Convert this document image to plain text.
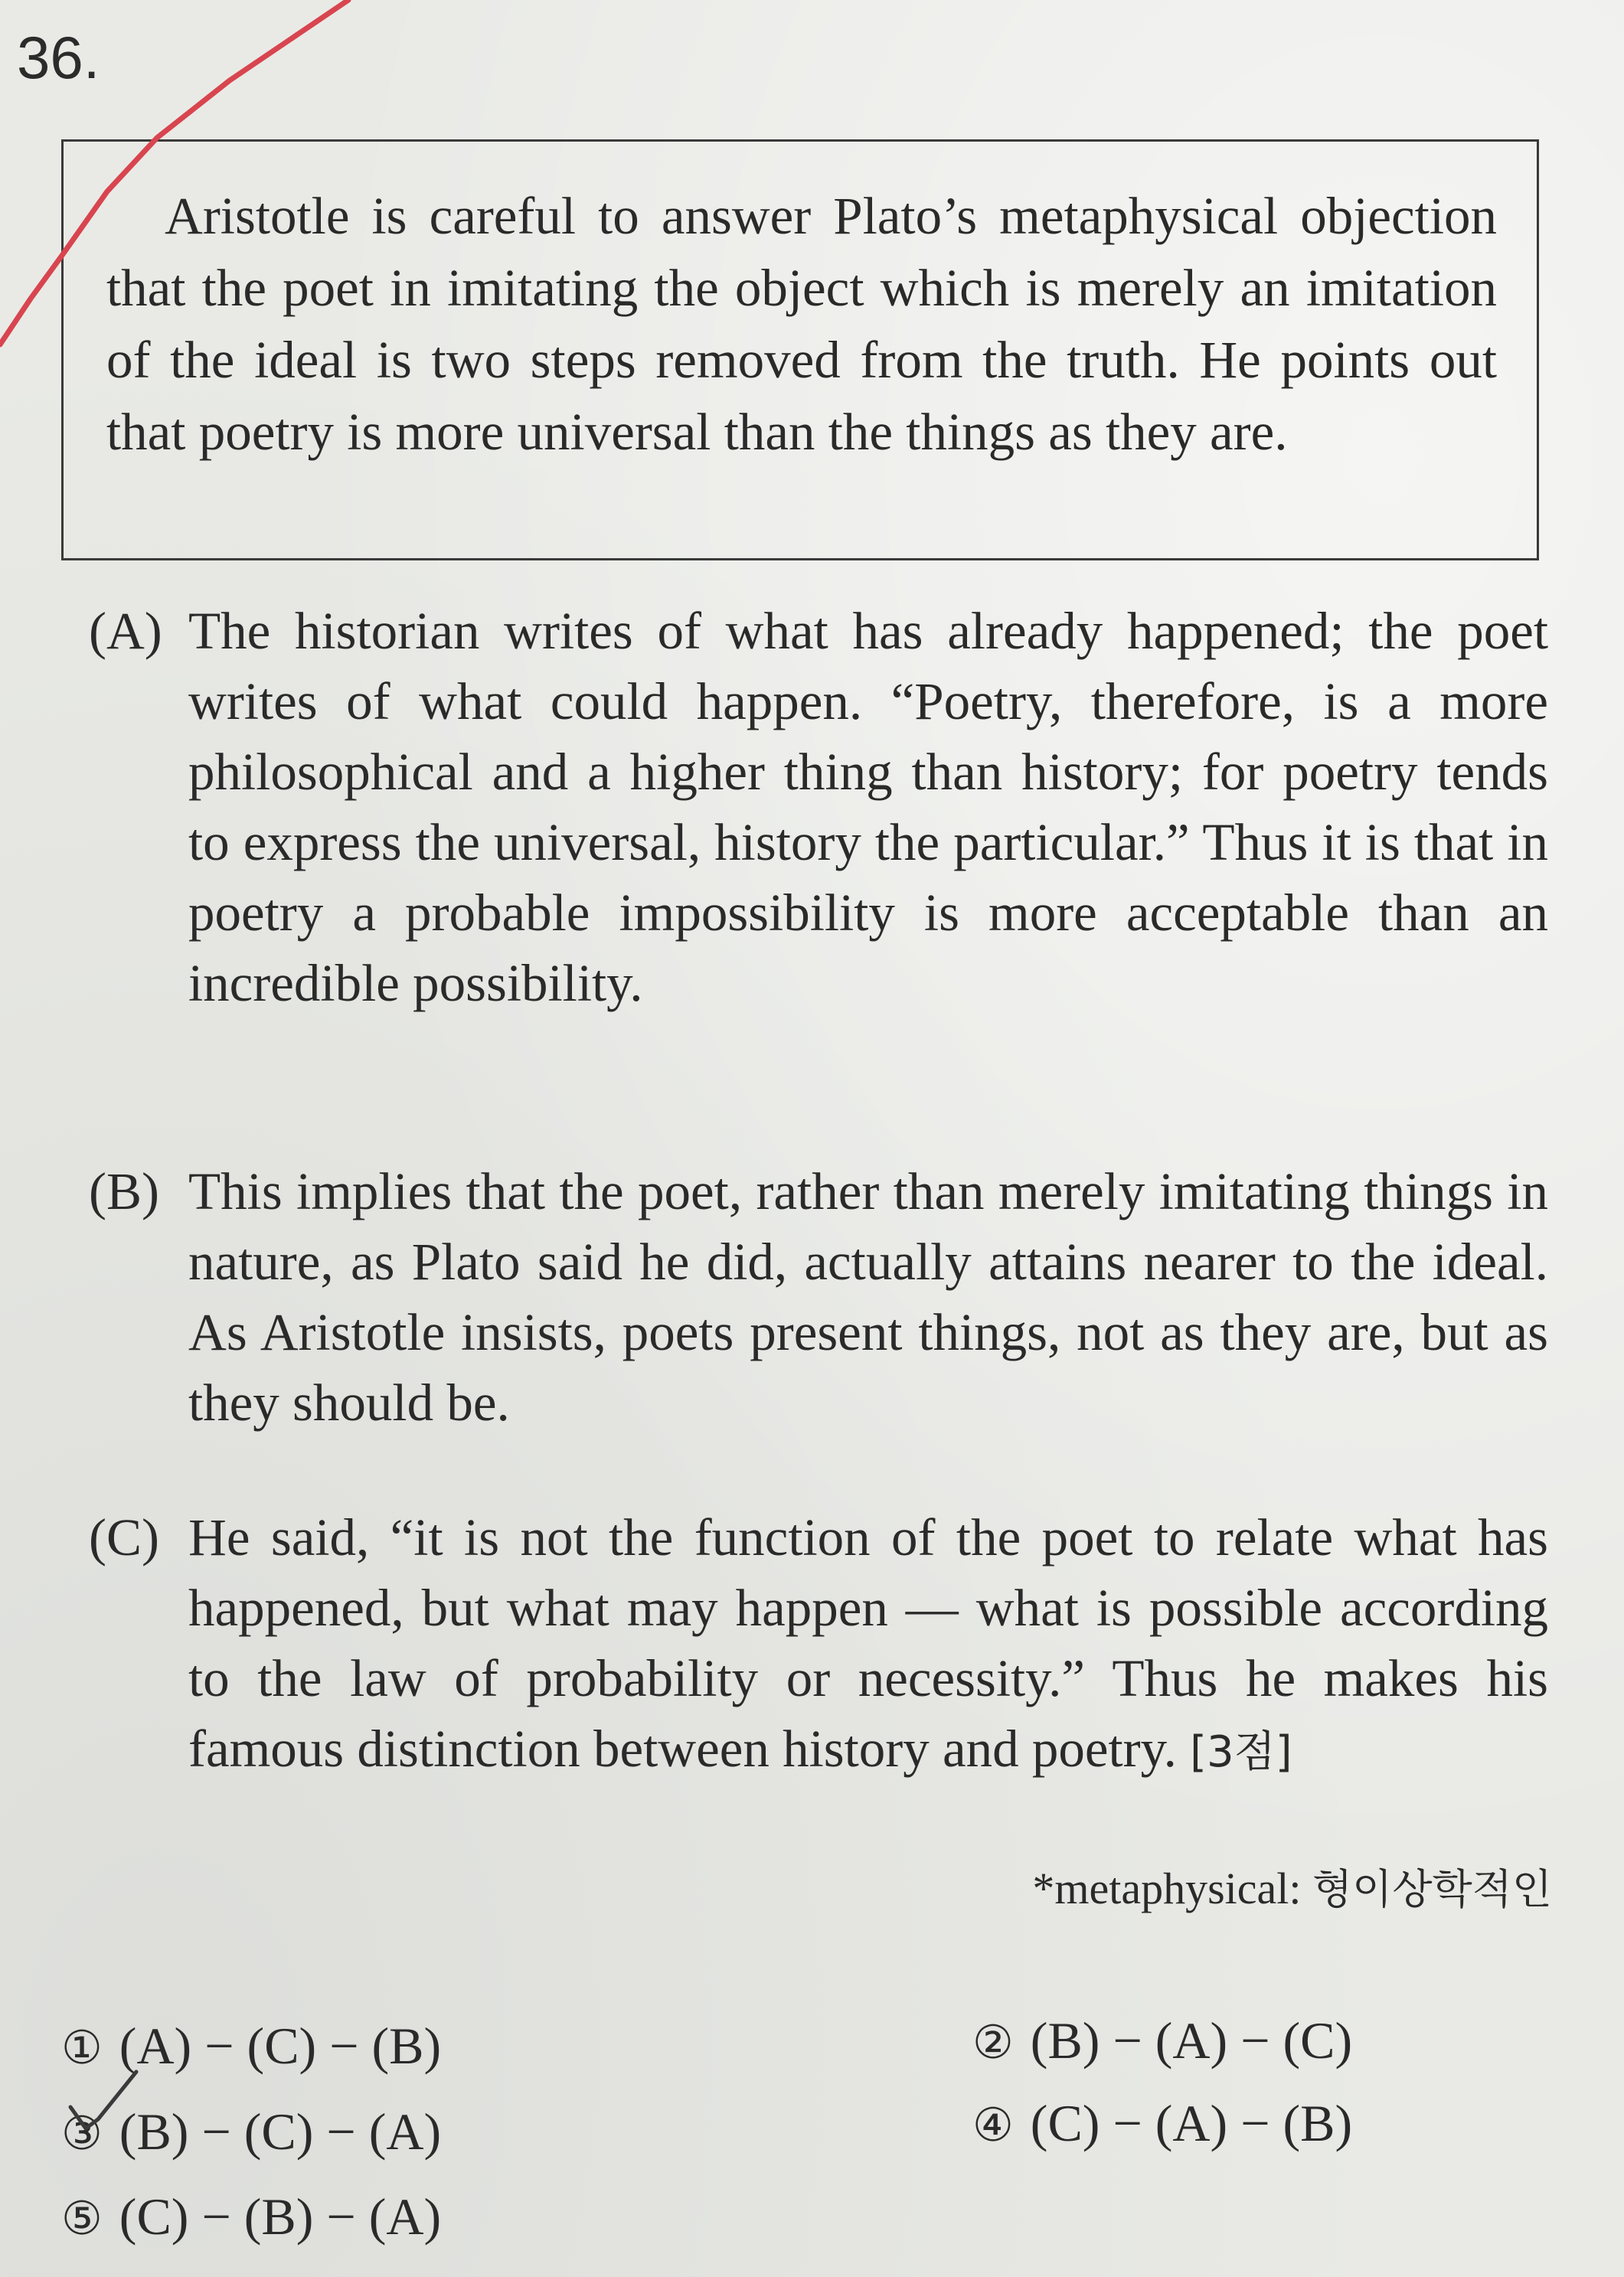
36.

Aristotle is careful to answer Plato’s metaphysical objection that the poet in imitating the object which is merely an imitation of the ideal is two steps removed from the truth. He points out that poetry is more universal than the things as they are.

(A) The historian writes of what has already happened; the poet writes of what could happen. “Poetry, therefore, is a more philosophical and a higher thing than history; for poetry tends to express the universal, history the particular.” Thus it is that in poetry a probable impossibility is more acceptable than an incredible possibility.
(B) This implies that the poet, rather than merely imitating things in nature, as Plato said he did, actually attains nearer to the ideal. As Aristotle insists, poets present things, not as they are, but as they should be.
(C) He said, “it is not the function of the poet to relate what has happened, but what may happen — what is possible according to the law of probability or necessity.” Thus he makes his famous distinction between history and poetry. [3점]
*metaphysical: 형이상학적인
① (A) − (C) − (B)	② (B) − (A) − (C)
③ (B) − (C) − (A)	④ (C) − (A) − (B)
⑤ (C) − (B) − (A)
